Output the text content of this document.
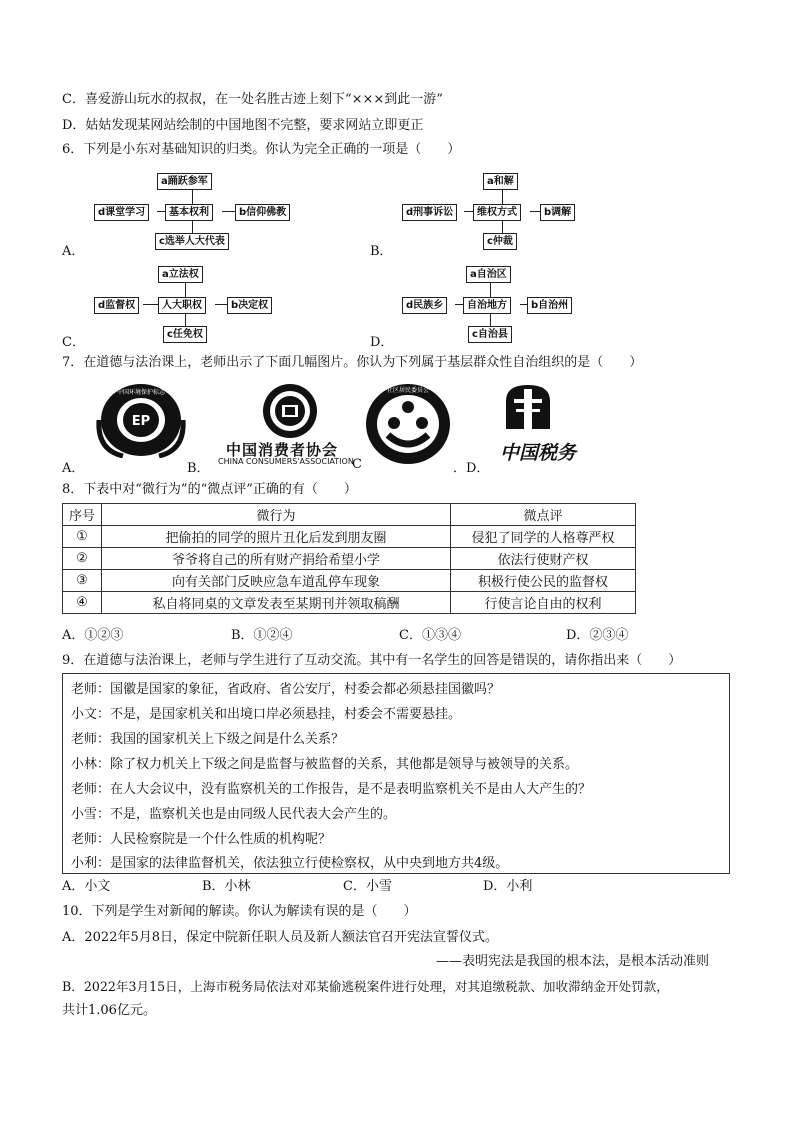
C．喜爱游山玩水的叔叔，在一处名胜古迹上刻下“×××到此一游”
D．姑姑发现某网站绘制的中国地图不完整，要求网站立即更正
6．下列是小东对基础知识的归类。你认为完全正确的一项是（　　）
A．
a踊跃参军
基本权利	b信仰佛教
c选举人大代表
d课堂学习
B．
a和解
维权方式	b调解
c仲裁
d刑事诉讼
C．
a立法权
人大职权	b决定权
c任免权
d监督权
D．
a自治区
自治地方	b自治州
c自治县
d民族乡
7．在道德与法治课上，老师出示了下面几幅图片。你认为下列属于基层群众性自治组织的是（　　）
A．	B．	C	．D．
EP
中国环境保护标志
中国消费者协会
CHINA CONSUMERS'ASSOCIATION
·社区居民委员会·
中国税务
8．下表中对“微行为”的“微点评”正确的有（　　）
序号	微行为	微点评
①	把偷拍的同学的照片丑化后发到朋友圈	侵犯了同学的人格尊严权
②	爷爷将自己的所有财产捐给希望小学	依法行使财产权
③	向有关部门反映应急车道乱停车现象	积极行使公民的监督权
④	私自将同桌的文章发表至某期刊并领取稿酬	行使言论自由的权利
A．①②③	B．①②④	C．①③④	D．②③④
9．在道德与法治课上，老师与学生进行了互动交流。其中有一名学生的回答是错误的，请你指出来（　　）
老师：国徽是国家的象征，省政府、省公安厅，村委会都必须悬挂国徽吗？
小文：不是，是国家机关和出境口岸必须悬挂，村委会不需要悬挂。
老师：我国的国家机关上下级之间是什么关系？
小林：除了权力机关上下级之间是监督与被监督的关系，其他都是领导与被领导的关系。
老师：在人大会议中，没有监察机关的工作报告，是不是表明监察机关不是由人大产生的？
小雪：不是，监察机关也是由同级人民代表大会产生的。
老师：人民检察院是一个什么性质的机构呢？
小利：是国家的法律监督机关，依法独立行使检察权，从中央到地方共4级。
A．小文	B．小林	C．小雪	D．小利
10．下列是学生对新闻的解读。你认为解读有误的是（　　）
A．2022年5月8日，保定中院新任职人员及新人额法官召开宪法宣誓仪式。
——表明宪法是我国的根本法，是根本活动准则
B．2022年3月15日，上海市税务局依法对邓某偷逃税案件进行处理，对其追缴税款、加收滞纳金开处罚款，
共计1.06亿元。
